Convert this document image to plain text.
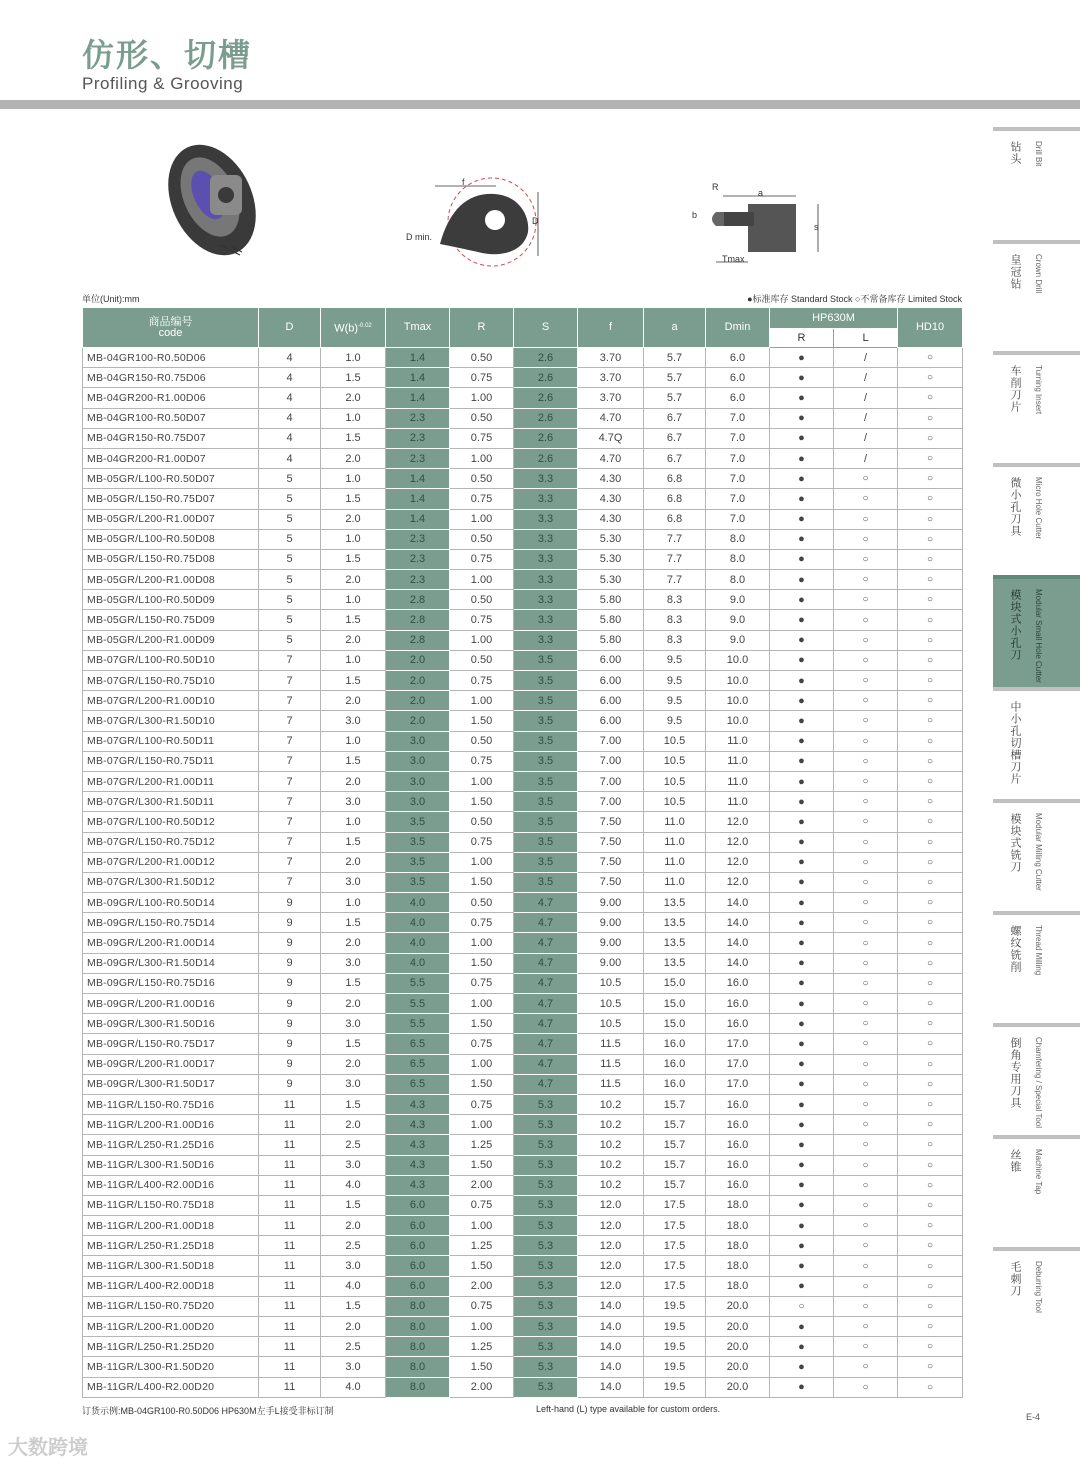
仿形、切槽
Profiling & Grooving
f
D min.
D
R
a
b
s
Tmax
单位(Unit):mm	●标准库存 Standard Stock ○不常备库存 Limited Stock
商品编号
code	D	$W(b)^{-0.02}$	Tmax	R	S	f	a	Dmin	HP630M		HD10
									R	L	
MB-04GR100-R0.50D06	4	1.0	1.4	0.50	2.6	3.70	5.7	6.0	●	/	○
MB-04GR150-R0.75D06	4	1.5	1.4	0.75	2.6	3.70	5.7	6.0	●	/	○
MB-04GR200-R1.00D06	4	2.0	1.4	1.00	2.6	3.70	5.7	6.0	●	/	○
MB-04GR100-R0.50D07	4	1.0	2.3	0.50	2.6	4.70	6.7	7.0	●	/	○
MB-04GR150-R0.75D07	4	1.5	2.3	0.75	2.6	4.7Q	6.7	7.0	●	/	○
MB-04GR200-R1.00D07	4	2.0	2.3	1.00	2.6	4.70	6.7	7.0	●	/	○
MB-05GR/L100-R0.50D07	5	1.0	1.4	0.50	3.3	4.30	6.8	7.0	●	○	○
MB-05GR/L150-R0.75D07	5	1.5	1.4	0.75	3.3	4.30	6.8	7.0	●	○	○
MB-05GR/L200-R1.00D07	5	2.0	1.4	1.00	3.3	4.30	6.8	7.0	●	○	○
MB-05GR/L100-R0.50D08	5	1.0	2.3	0.50	3.3	5.30	7.7	8.0	●	○	○
MB-05GR/L150-R0.75D08	5	1.5	2.3	0.75	3.3	5.30	7.7	8.0	●	○	○
MB-05GR/L200-R1.00D08	5	2.0	2.3	1.00	3.3	5.30	7.7	8.0	●	○	○
MB-05GR/L100-R0.50D09	5	1.0	2.8	0.50	3.3	5.80	8.3	9.0	●	○	○
MB-05GR/L150-R0.75D09	5	1.5	2.8	0.75	3.3	5.80	8.3	9.0	●	○	○
MB-05GR/L200-R1.00D09	5	2.0	2.8	1.00	3.3	5.80	8.3	9.0	●	○	○
MB-07GR/L100-R0.50D10	7	1.0	2.0	0.50	3.5	6.00	9.5	10.0	●	○	○
MB-07GR/L150-R0.75D10	7	1.5	2.0	0.75	3.5	6.00	9.5	10.0	●	○	○
MB-07GR/L200-R1.00D10	7	2.0	2.0	1.00	3.5	6.00	9.5	10.0	●	○	○
MB-07GR/L300-R1.50D10	7	3.0	2.0	1.50	3.5	6.00	9.5	10.0	●	○	○
MB-07GR/L100-R0.50D11	7	1.0	3.0	0.50	3.5	7.00	10.5	11.0	●	○	○
MB-07GR/L150-R0.75D11	7	1.5	3.0	0.75	3.5	7.00	10.5	11.0	●	○	○
MB-07GR/L200-R1.00D11	7	2.0	3.0	1.00	3.5	7.00	10.5	11.0	●	○	○
MB-07GR/L300-R1.50D11	7	3.0	3.0	1.50	3.5	7.00	10.5	11.0	●	○	○
MB-07GR/L100-R0.50D12	7	1.0	3.5	0.50	3.5	7.50	11.0	12.0	●	○	○
MB-07GR/L150-R0.75D12	7	1.5	3.5	0.75	3.5	7.50	11.0	12.0	●	○	○
MB-07GR/L200-R1.00D12	7	2.0	3.5	1.00	3.5	7.50	11.0	12.0	●	○	○
MB-07GR/L300-R1.50D12	7	3.0	3.5	1.50	3.5	7.50	11.0	12.0	●	○	○
MB-09GR/L100-R0.50D14	9	1.0	4.0	0.50	4.7	9.00	13.5	14.0	●	○	○
MB-09GR/L150-R0.75D14	9	1.5	4.0	0.75	4.7	9.00	13.5	14.0	●	○	○
MB-09GR/L200-R1.00D14	9	2.0	4.0	1.00	4.7	9.00	13.5	14.0	●	○	○
MB-09GR/L300-R1.50D14	9	3.0	4.0	1.50	4.7	9.00	13.5	14.0	●	○	○
MB-09GR/L150-R0.75D16	9	1.5	5.5	0.75	4.7	10.5	15.0	16.0	●	○	○
MB-09GR/L200-R1.00D16	9	2.0	5.5	1.00	4.7	10.5	15.0	16.0	●	○	○
MB-09GR/L300-R1.50D16	9	3.0	5.5	1.50	4.7	10.5	15.0	16.0	●	○	○
MB-09GR/L150-R0.75D17	9	1.5	6.5	0.75	4.7	11.5	16.0	17.0	●	○	○
MB-09GR/L200-R1.00D17	9	2.0	6.5	1.00	4.7	11.5	16.0	17.0	●	○	○
MB-09GR/L300-R1.50D17	9	3.0	6.5	1.50	4.7	11.5	16.0	17.0	●	○	○
MB-11GR/L150-R0.75D16	11	1.5	4.3	0.75	5.3	10.2	15.7	16.0	●	○	○
MB-11GR/L200-R1.00D16	11	2.0	4.3	1.00	5.3	10.2	15.7	16.0	●	○	○
MB-11GR/L250-R1.25D16	11	2.5	4.3	1.25	5.3	10.2	15.7	16.0	●	○	○
MB-11GR/L300-R1.50D16	11	3.0	4.3	1.50	5.3	10.2	15.7	16.0	●	○	○
MB-11GR/L400-R2.00D16	11	4.0	4.3	2.00	5.3	10.2	15.7	16.0	●	○	○
MB-11GR/L150-R0.75D18	11	1.5	6.0	0.75	5.3	12.0	17.5	18.0	●	○	○
MB-11GR/L200-R1.00D18	11	2.0	6.0	1.00	5.3	12.0	17.5	18.0	●	○	○
MB-11GR/L250-R1.25D18	11	2.5	6.0	1.25	5.3	12.0	17.5	18.0	●	○	○
MB-11GR/L300-R1.50D18	11	3.0	6.0	1.50	5.3	12.0	17.5	18.0	●	○	○
MB-11GR/L400-R2.00D18	11	4.0	6.0	2.00	5.3	12.0	17.5	18.0	●	○	○
MB-11GR/L150-R0.75D20	11	1.5	8.0	0.75	5.3	14.0	19.5	20.0	○	○	○
MB-11GR/L200-R1.00D20	11	2.0	8.0	1.00	5.3	14.0	19.5	20.0	●	○	○
MB-11GR/L250-R1.25D20	11	2.5	8.0	1.25	5.3	14.0	19.5	20.0	●	○	○
MB-11GR/L300-R1.50D20	11	3.0	8.0	1.50	5.3	14.0	19.5	20.0	●	○	○
MB-11GR/L400-R2.00D20	11	4.0	8.0	2.00	5.3	14.0	19.5	20.0	●	○	○
订货示例:MB-04GR100-R0.50D06 HP630M左手L接受非标订制	Left-hand (L) type available for custom orders.
E-4
大数跨境
钻头	Drill Bit
皇冠钻	Crown Drill
车削刀片	Turning Insert
微小孔刀具	Micro Hole Cutter
模块式小孔刀	Modular Small Hole Cutter
中小孔切槽刀片
模块式铣刀	Modular Milling Cutter
螺纹铣削	Thread Milling
倒角专用刀具	Chamfering / Special Tool
丝锥	Machine Tap
毛刺刀	Deburring Tool
